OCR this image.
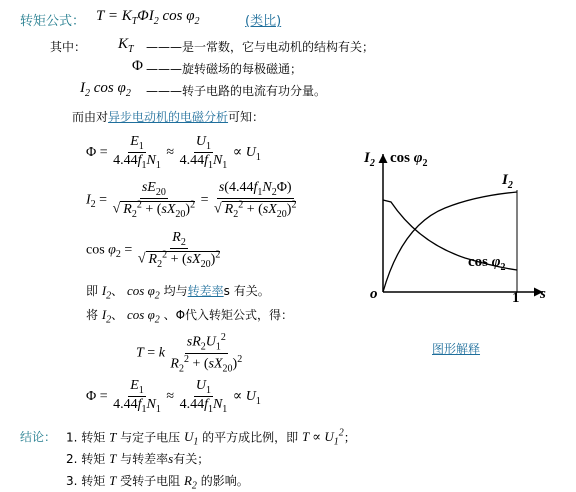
转矩公式： $T = K_T\Phi I_2$ $\cos \varphi_2$	(类比)
其中： $K_T$ ———是一常数，它与电动机的结构有关；
Φ ———旋转磁场的每极磁通；
$I_2$ $\cos \varphi_2$ ———转子电路的电流有功分量。
而由对异步电动机的电磁分析可知：
$\Phi = \frac{E_1}{4.44f_1N_1} \approx \frac{U_1}{4.44f_1N_1} \propto U_1$
$I_2 = \frac{sE_{20}}{√ R_2^2 + (sX_{20})^2} = \frac{s(4.44f_1N_2\Phi)}{√ R_2^2 + (sX_{20})^2}$
$\cos \varphi_2 = \frac{R_2}{√ R_2^2 + (sX_{20})^2}$
即 $I_2$、 $\cos \varphi_2$ 均与转差率s 有关。
将 $I_2$、 $\cos \varphi_2$ 、Φ代入转矩公式，得：
T = k $\frac{sR_2U_1^2}{R_2^2 + (sX_{20})^2}$
$\Phi = \frac{E_1}{4.44f_1N_1} \approx \frac{U_1}{4.44f_1N_1} \propto U_1$
$I_2$ $\cos \varphi_2$
$I_2$
$\cos \varphi_2$
o	1 s
图形解释
结论： 1. 转矩 T 与定子电压 $U_1$ 的平方成比例，即 $T \propto U_1^2$；
2. 转矩 T 与转差率s有关；
3. 转矩 T 受转子电阻 $R_2$ 的影响。
